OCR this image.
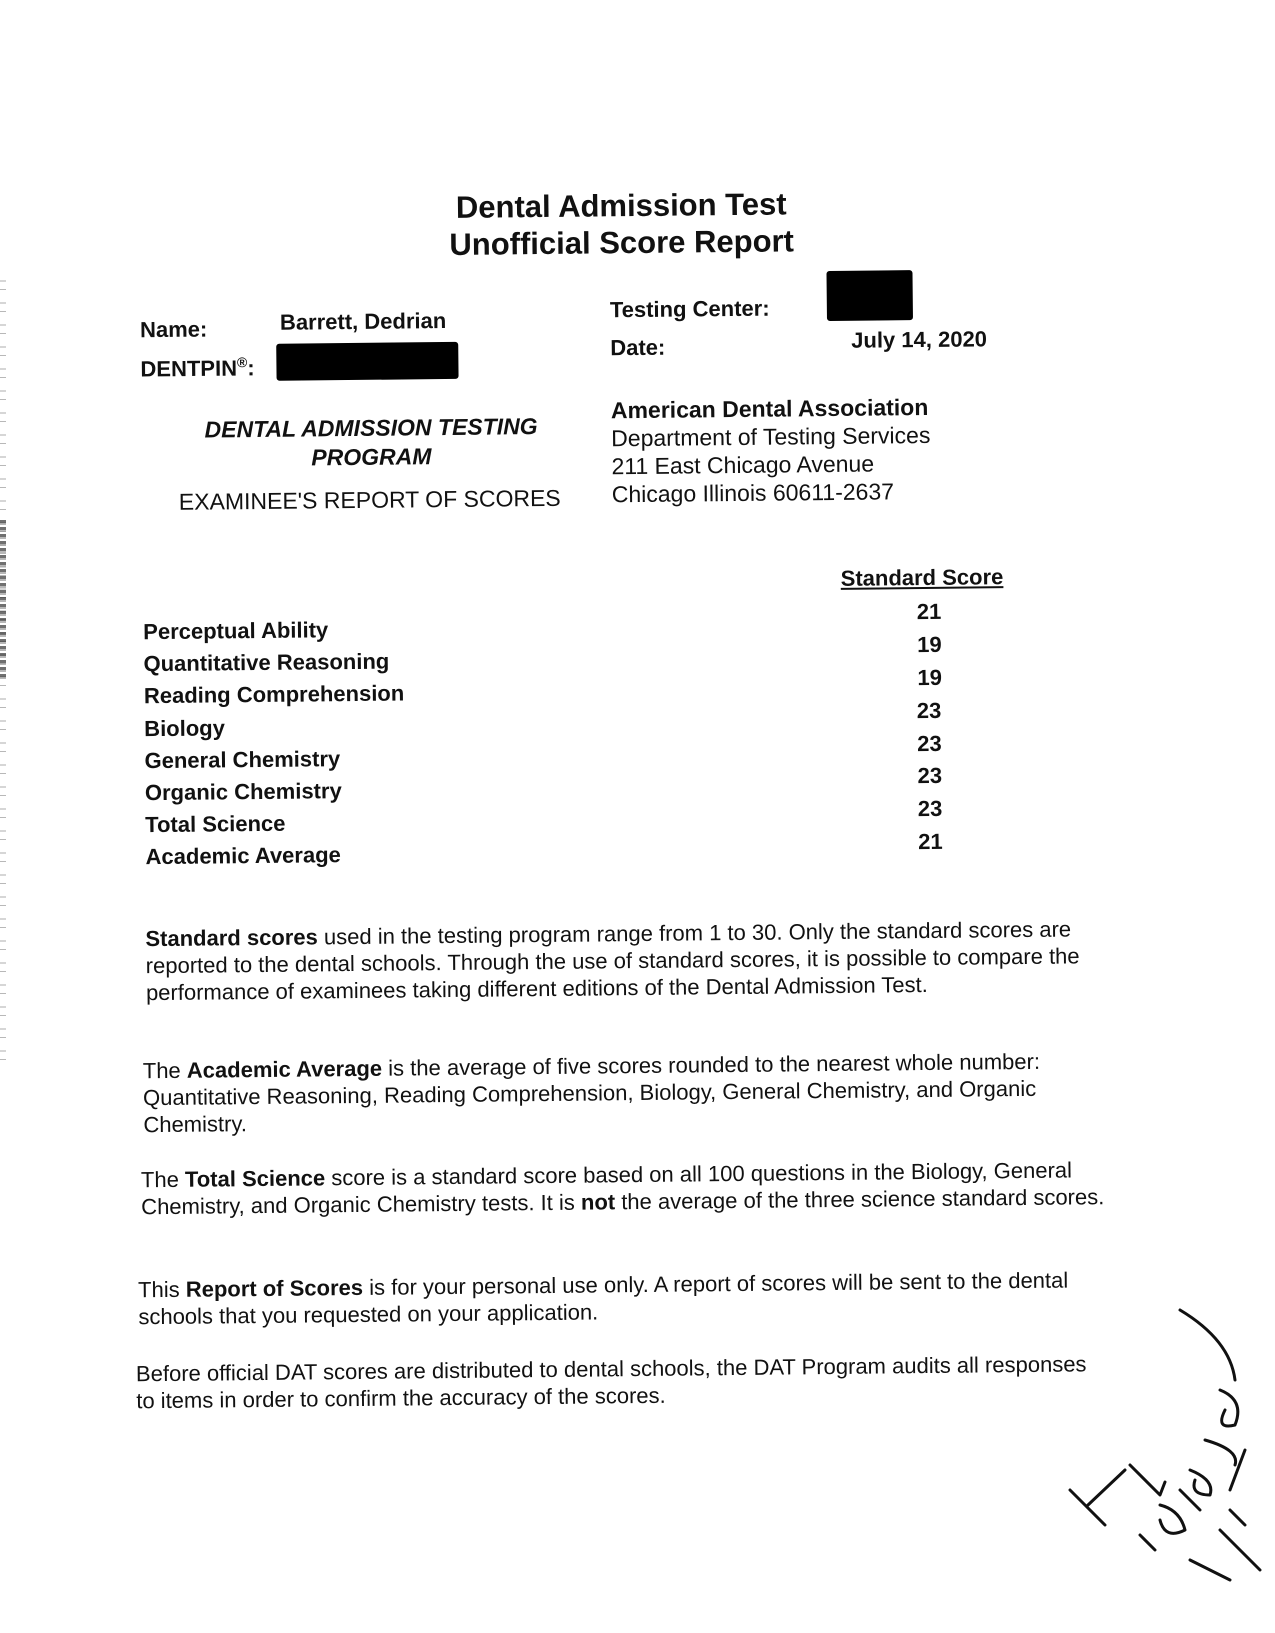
Dental Admission Test
Unofficial Score Report
Name:	Barrett, Dedrian
DENTPIN®:
Testing Center:
Date:	July 14, 2020
DENTAL ADMISSION TESTING
PROGRAM
EXAMINEE'S REPORT OF SCORES
American Dental Association
Department of Testing Services
211 East Chicago Avenue
Chicago Illinois 60611-2637
Standard Score
Perceptual Ability
21
Quantitative Reasoning
19
Reading Comprehension
19
Biology
23
General Chemistry
23
Organic Chemistry
23
Total Science
23
Academic Average
21
Standard scores used in the testing program range from 1 to 30. Only the standard scores are reported to the dental schools. Through the use of standard scores, it is possible to compare the performance of examinees taking different editions of the Dental Admission Test.
The Academic Average is the average of five scores rounded to the nearest whole number: Quantitative Reasoning, Reading Comprehension, Biology, General Chemistry, and Organic Chemistry.
The Total Science score is a standard score based on all 100 questions in the Biology, General Chemistry, and Organic Chemistry tests. It is not the average of the three science standard scores.
This Report of Scores is for your personal use only. A report of scores will be sent to the dental schools that you requested on your application.
Before official DAT scores are distributed to dental schools, the DAT Program audits all responses to items in order to confirm the accuracy of the scores.
